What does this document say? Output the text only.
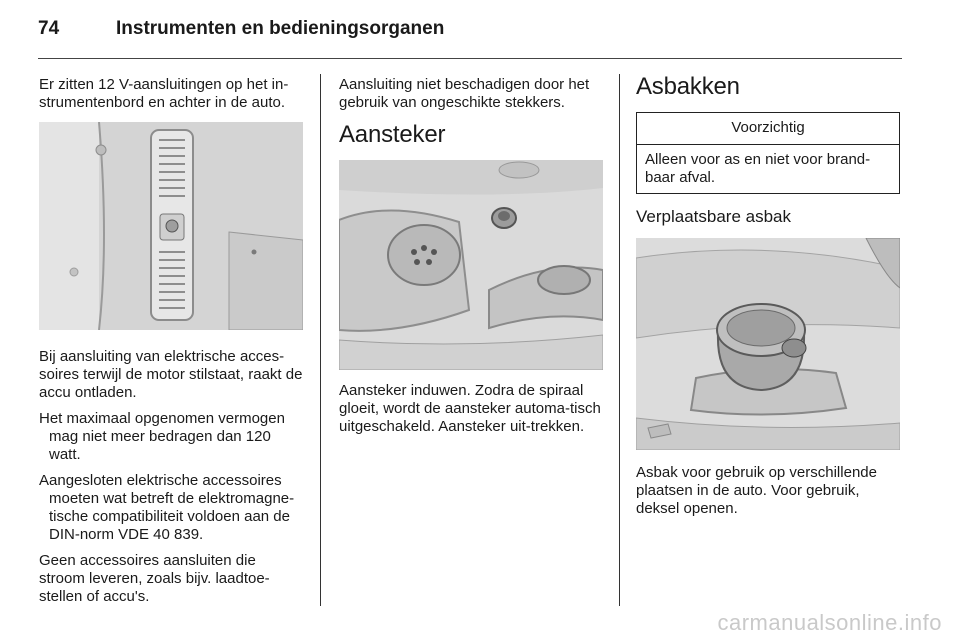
74	Instrumenten en bedieningsorganen

Er zitten 12 V-aansluitingen op het in-strumentenbord en achter in de auto.

Bij aansluiting van elektrische acces-soires terwijl de motor stilstaat, raakt de accu ontladen.

Het maximaal opgenomen vermogen mag niet meer bedragen dan 120 watt.

Aangesloten elektrische accessoires moeten wat betreft de elektromagne-tische compatibiliteit voldoen aan de DIN-norm VDE 40 839.

Geen accessoires aansluiten die stroom leveren, zoals bijv. laadtoe-stellen of accu's.

Aansluiting niet beschadigen door het gebruik van ongeschikte stekkers.

Aansteker

Aansteker induwen. Zodra de spiraal gloeit, wordt de aansteker automa-tisch uitgeschakeld. Aansteker uit-trekken.

Asbakken
Voorzichtig
Alleen voor as en niet voor brand-baar afval.
Verplaatsbare asbak

Asbak voor gebruik op verschillende plaatsen in de auto. Voor gebruik, deksel openen.

carmanualsonline.info
